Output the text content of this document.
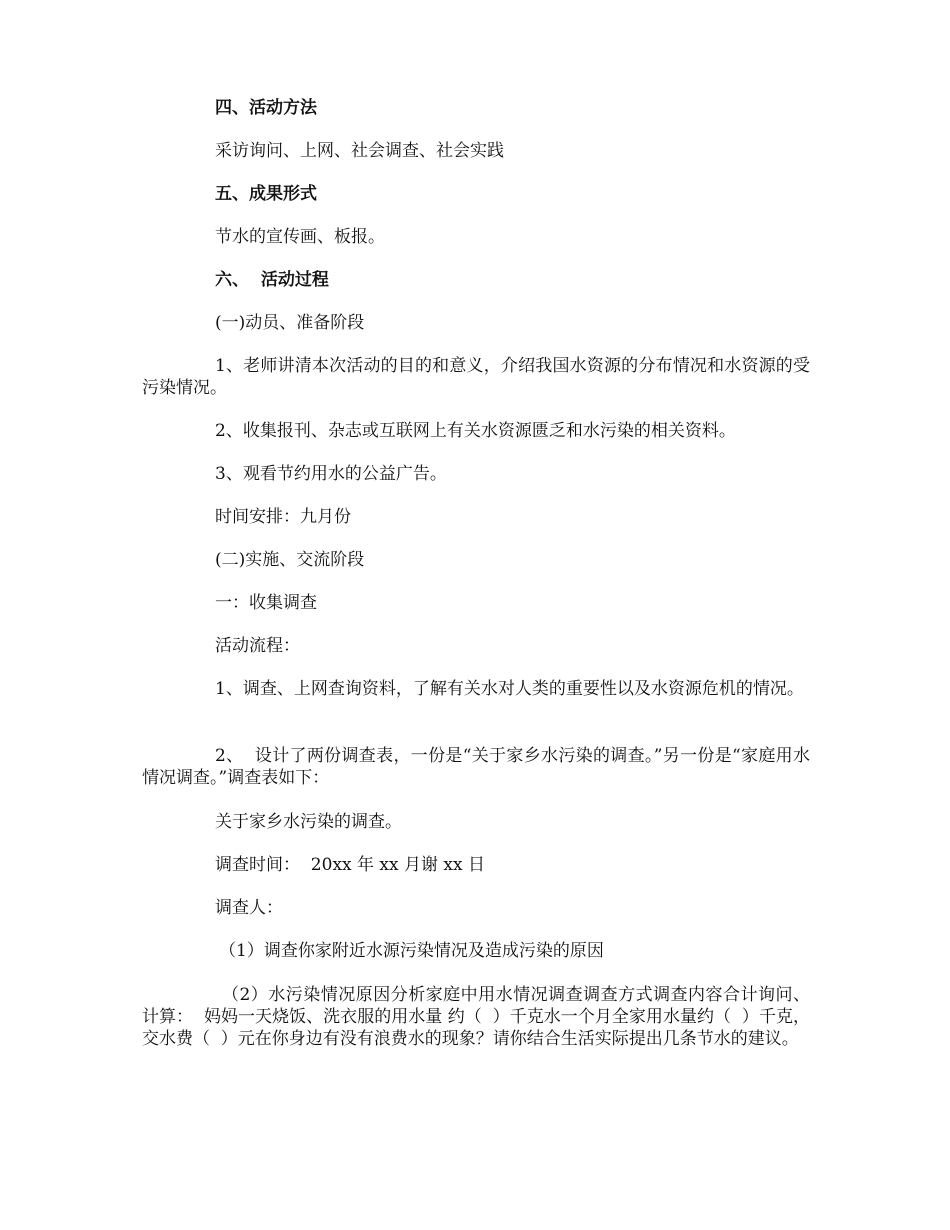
四、活动方法
采访询问、上网、社会调查、社会实践
五、成果形式
节水的宣传画、板报。
六、  活动过程
(一)动员、准备阶段
1、老师讲清本次活动的目的和意义，介绍我国水资源的分布情况和水资源的受污染情况。
2、收集报刊、杂志或互联网上有关水资源匮乏和水污染的相关资料。
3、观看节约用水的公益广告。
时间安排：九月份
(二)实施、交流阶段
一：收集调查
活动流程：
1、调查、上网查询资料，了解有关水对人类的重要性以及水资源危机的情况。
2、  设计了两份调查表，一份是“关于家乡水污染的调查。”另一份是“家庭用水情况调查。”调查表如下：
关于家乡水污染的调查。
调查时间：  20xx 年 xx 月谢 xx 日
调查人：
（1）调查你家附近水源污染情况及造成污染的原因
（2）水污染情况原因分析家庭中用水情况调查调查方式调查内容合计询问、计算：  妈妈一天烧饭、洗衣服的用水量 约（  ）千克水一个月全家用水量约（  ）千克，交水费（  ）元在你身边有没有浪费水的现象？请你结合生活实际提出几条节水的建议。
